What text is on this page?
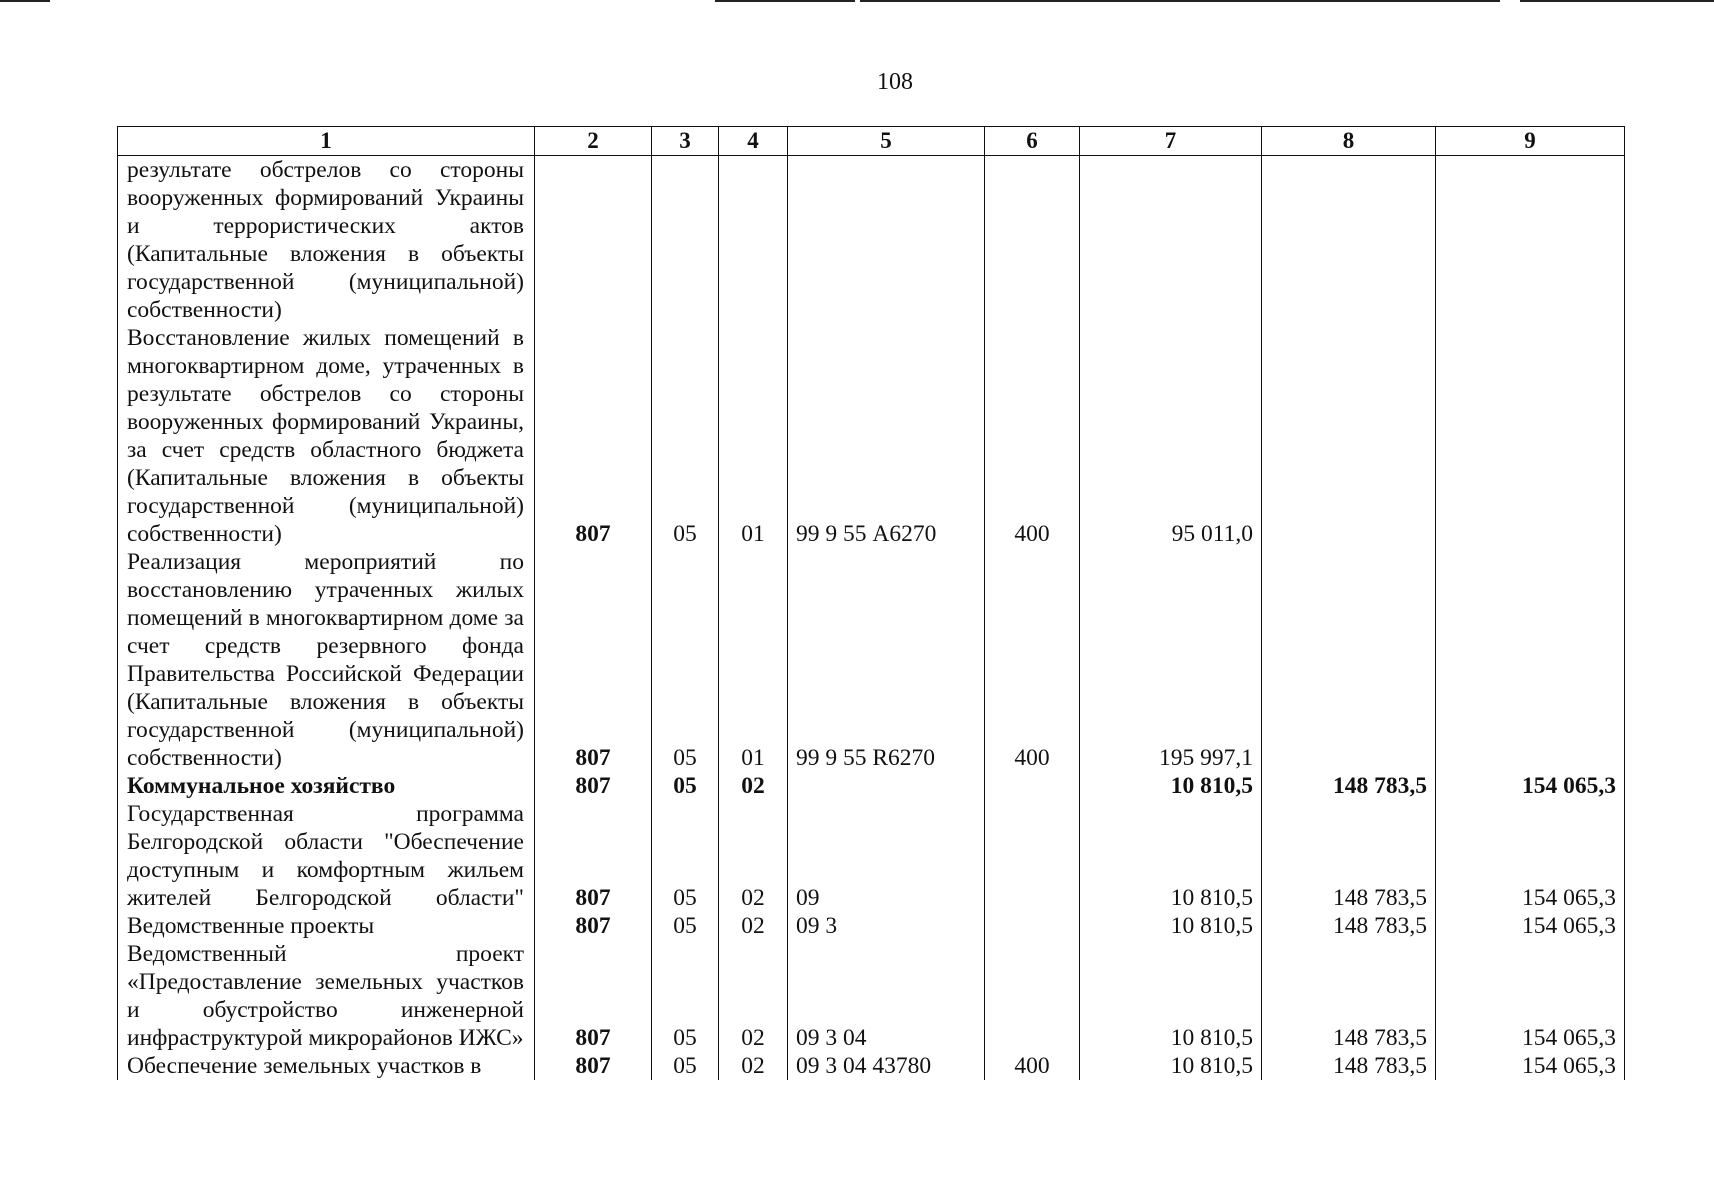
108
1	2	3	4	5	6	7	8	9
результате обстрелов со стороны вооруженных формирований Украины и террористических актов (Капитальные вложения в объекты государственной (муниципальной) собственности)								
Восстановление жилых помещений в многоквартирном доме, утраченных в результате обстрелов со стороны вооруженных формирований Украины, за счет средств областного бюджета (Капитальные вложения в объекты государственной (муниципальной) собственности)	807	05	01	99 9 55 А6270	400	95 011,0		
Реализация мероприятий по восстановлению утраченных жилых помещений в многоквартирном доме за счет средств резервного фонда Правительства Российской Федерации (Капитальные вложения в объекты государственной (муниципальной) собственности)	807	05	01	99 9 55 R6270	400	195 997,1		
Коммунальное хозяйство	807	05	02			10 810,5	148 783,5	154 065,3
Государственная программа Белгородской области "Обеспечение доступным и комфортным жильем жителей Белгородской области"	807	05	02	09		10 810,5	148 783,5	154 065,3
Ведомственные проекты	807	05	02	09 3		10 810,5	148 783,5	154 065,3
Ведомственный проект «Предоставление земельных участков и обустройство инженерной инфраструктурой микрорайонов ИЖС»	807	05	02	09 3 04		10 810,5	148 783,5	154 065,3
Обеспечение земельных участков в	807	05	02	09 3 04 43780	400	10 810,5	148 783,5	154 065,3
